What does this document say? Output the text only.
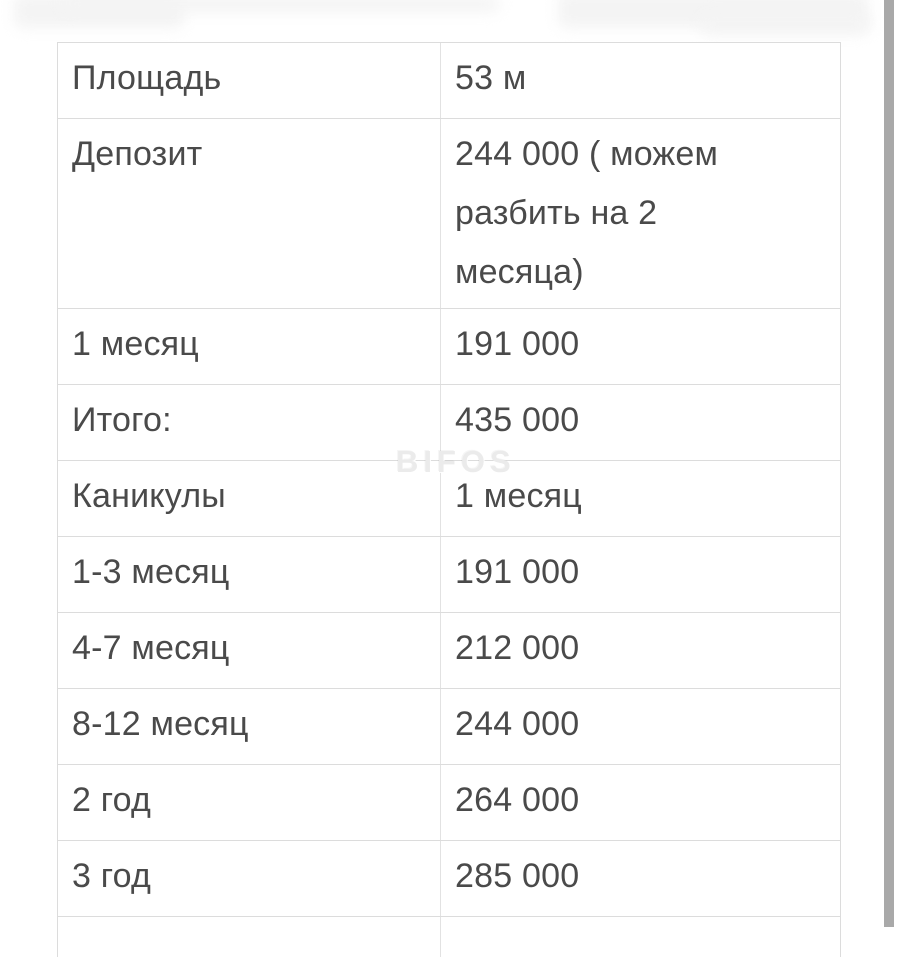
Площадь	53 м
Депозит	244 000 ( можем разбить на 2 месяца)
1 месяц	191 000
Итого:	435 000
Каникулы	1 месяц
1-3 месяц	191 000
4-7 месяц	212 000
8-12 месяц	244 000
2 год	264 000
3 год	285 000
BIFOS
